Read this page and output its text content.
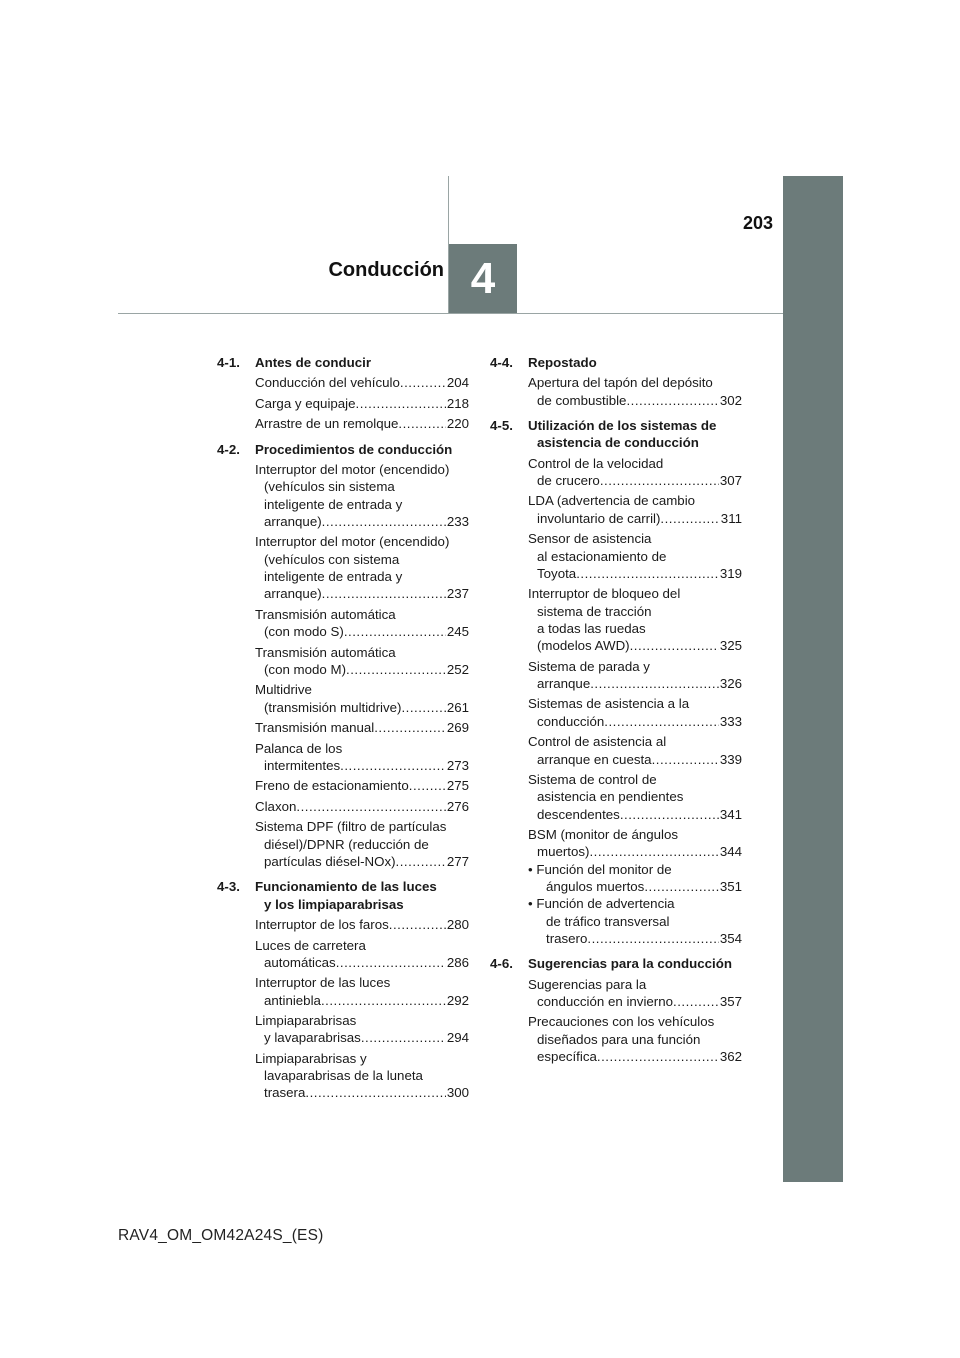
203
Conducción 4
4-1.	Antes de conducir
Conducción del vehículo .....	204
Carga y equipaje .....	218
Arrastre de un remolque .....	220
4-2.	Procedimientos de conducción
Interruptor del motor (encendido)
(vehículos sin sistema
inteligente de entrada y
arranque) .....	233
Interruptor del motor (encendido)
(vehículos con sistema
inteligente de entrada y
arranque) .....	237
Transmisión automática
(con modo S) .....	245
Transmisión automática
(con modo M) .....	252
Multidrive
(transmisión multidrive) .....	261
Transmisión manual .....	269
Palanca de los
intermitentes .....	273
Freno de estacionamiento .....	275
Claxon .....	276
Sistema DPF (filtro de partículas
diésel)/DPNR (reducción de
partículas diésel-NOx) .....	277
4-3.	Funcionamiento de las luces
y los limpiaparabrisas
Interruptor de los faros .....	280
Luces de carretera
automáticas .....	286
Interruptor de las luces
antiniebla .....	292
Limpiaparabrisas
y lavaparabrisas .....	294
Limpiaparabrisas y
lavaparabrisas de la luneta
trasera .....	300
4-4.	Repostado
Apertura del tapón del depósito
de combustible .....	302
4-5.	Utilización de los sistemas de
asistencia de conducción
Control de la velocidad
de crucero .....	307
LDA (advertencia de cambio
involuntario de carril) .....	311
Sensor de asistencia
al estacionamiento de
Toyota .....	319
Interruptor de bloqueo del
sistema de tracción
a todas las ruedas
(modelos AWD) .....	325
Sistema de parada y
arranque .....	326
Sistemas de asistencia a la
conducción .....	333
Control de asistencia al
arranque en cuesta .....	339
Sistema de control de
asistencia en pendientes
descendentes .....	341
BSM (monitor de ángulos
muertos) .....	344
• Función del monitor de
ángulos muertos .....	351
• Función de advertencia
de tráfico transversal
trasero .....	354
4-6.	Sugerencias para la conducción
Sugerencias para la
conducción en invierno .....	357
Precauciones con los vehículos
diseñados para una función
específica .....	362
RAV4_OM_OM42A24S_(ES)
